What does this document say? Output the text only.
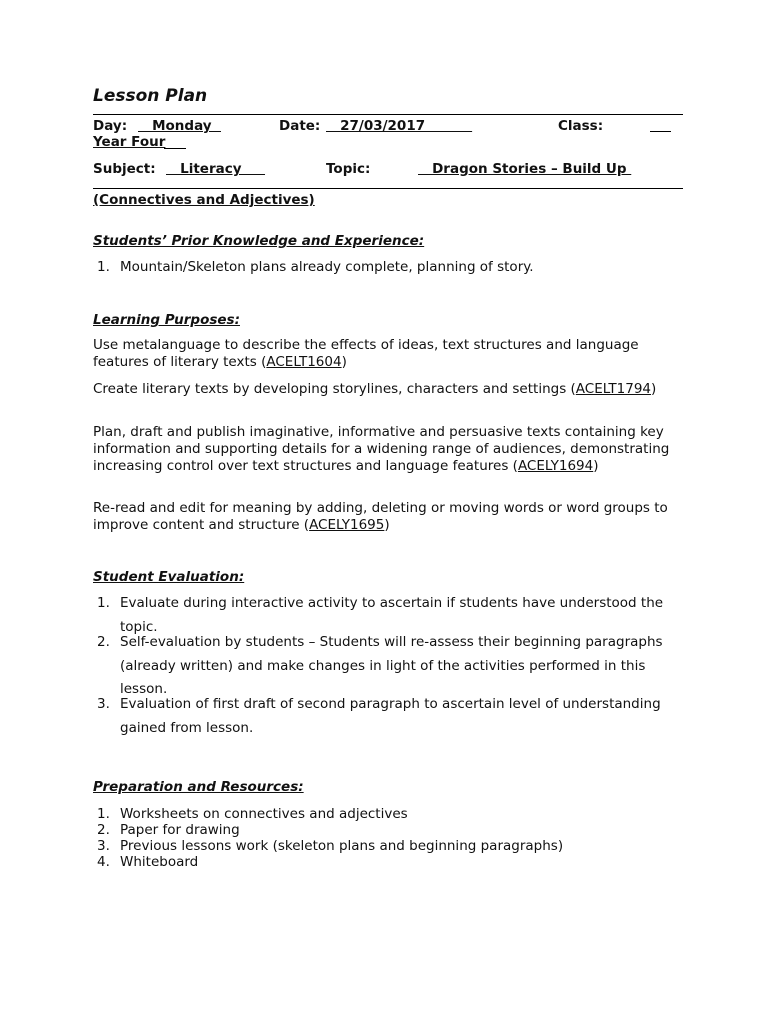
Lesson Plan
Day: Monday	Date: 27/03/2017	Class:
Year Four
Subject: Literacy	Topic:	Dragon Stories – Build Up
(Connectives and Adjectives)
Students’ Prior Knowledge and Experience:
1. Mountain/Skeleton plans already complete, planning of story.
Learning Purposes:
Use metalanguage to describe the effects of ideas, text structures and language features of literary texts (ACELT1604)
Create literary texts by developing storylines, characters and settings (ACELT1794)
Plan, draft and publish imaginative, informative and persuasive texts containing key information and supporting details for a widening range of audiences, demonstrating increasing control over text structures and language features (ACELY1694)
Re-read and edit for meaning by adding, deleting or moving words or word groups to improve content and structure (ACELY1695)
Student Evaluation:
1. Evaluate during interactive activity to ascertain if students have understood the topic.
2. Self-evaluation by students – Students will re-assess their beginning paragraphs (already written) and make changes in light of the activities performed in this lesson.
3. Evaluation of first draft of second paragraph to ascertain level of understanding gained from lesson.
Preparation and Resources:
1. Worksheets on connectives and adjectives
2. Paper for drawing
3. Previous lessons work (skeleton plans and beginning paragraphs)
4. Whiteboard
